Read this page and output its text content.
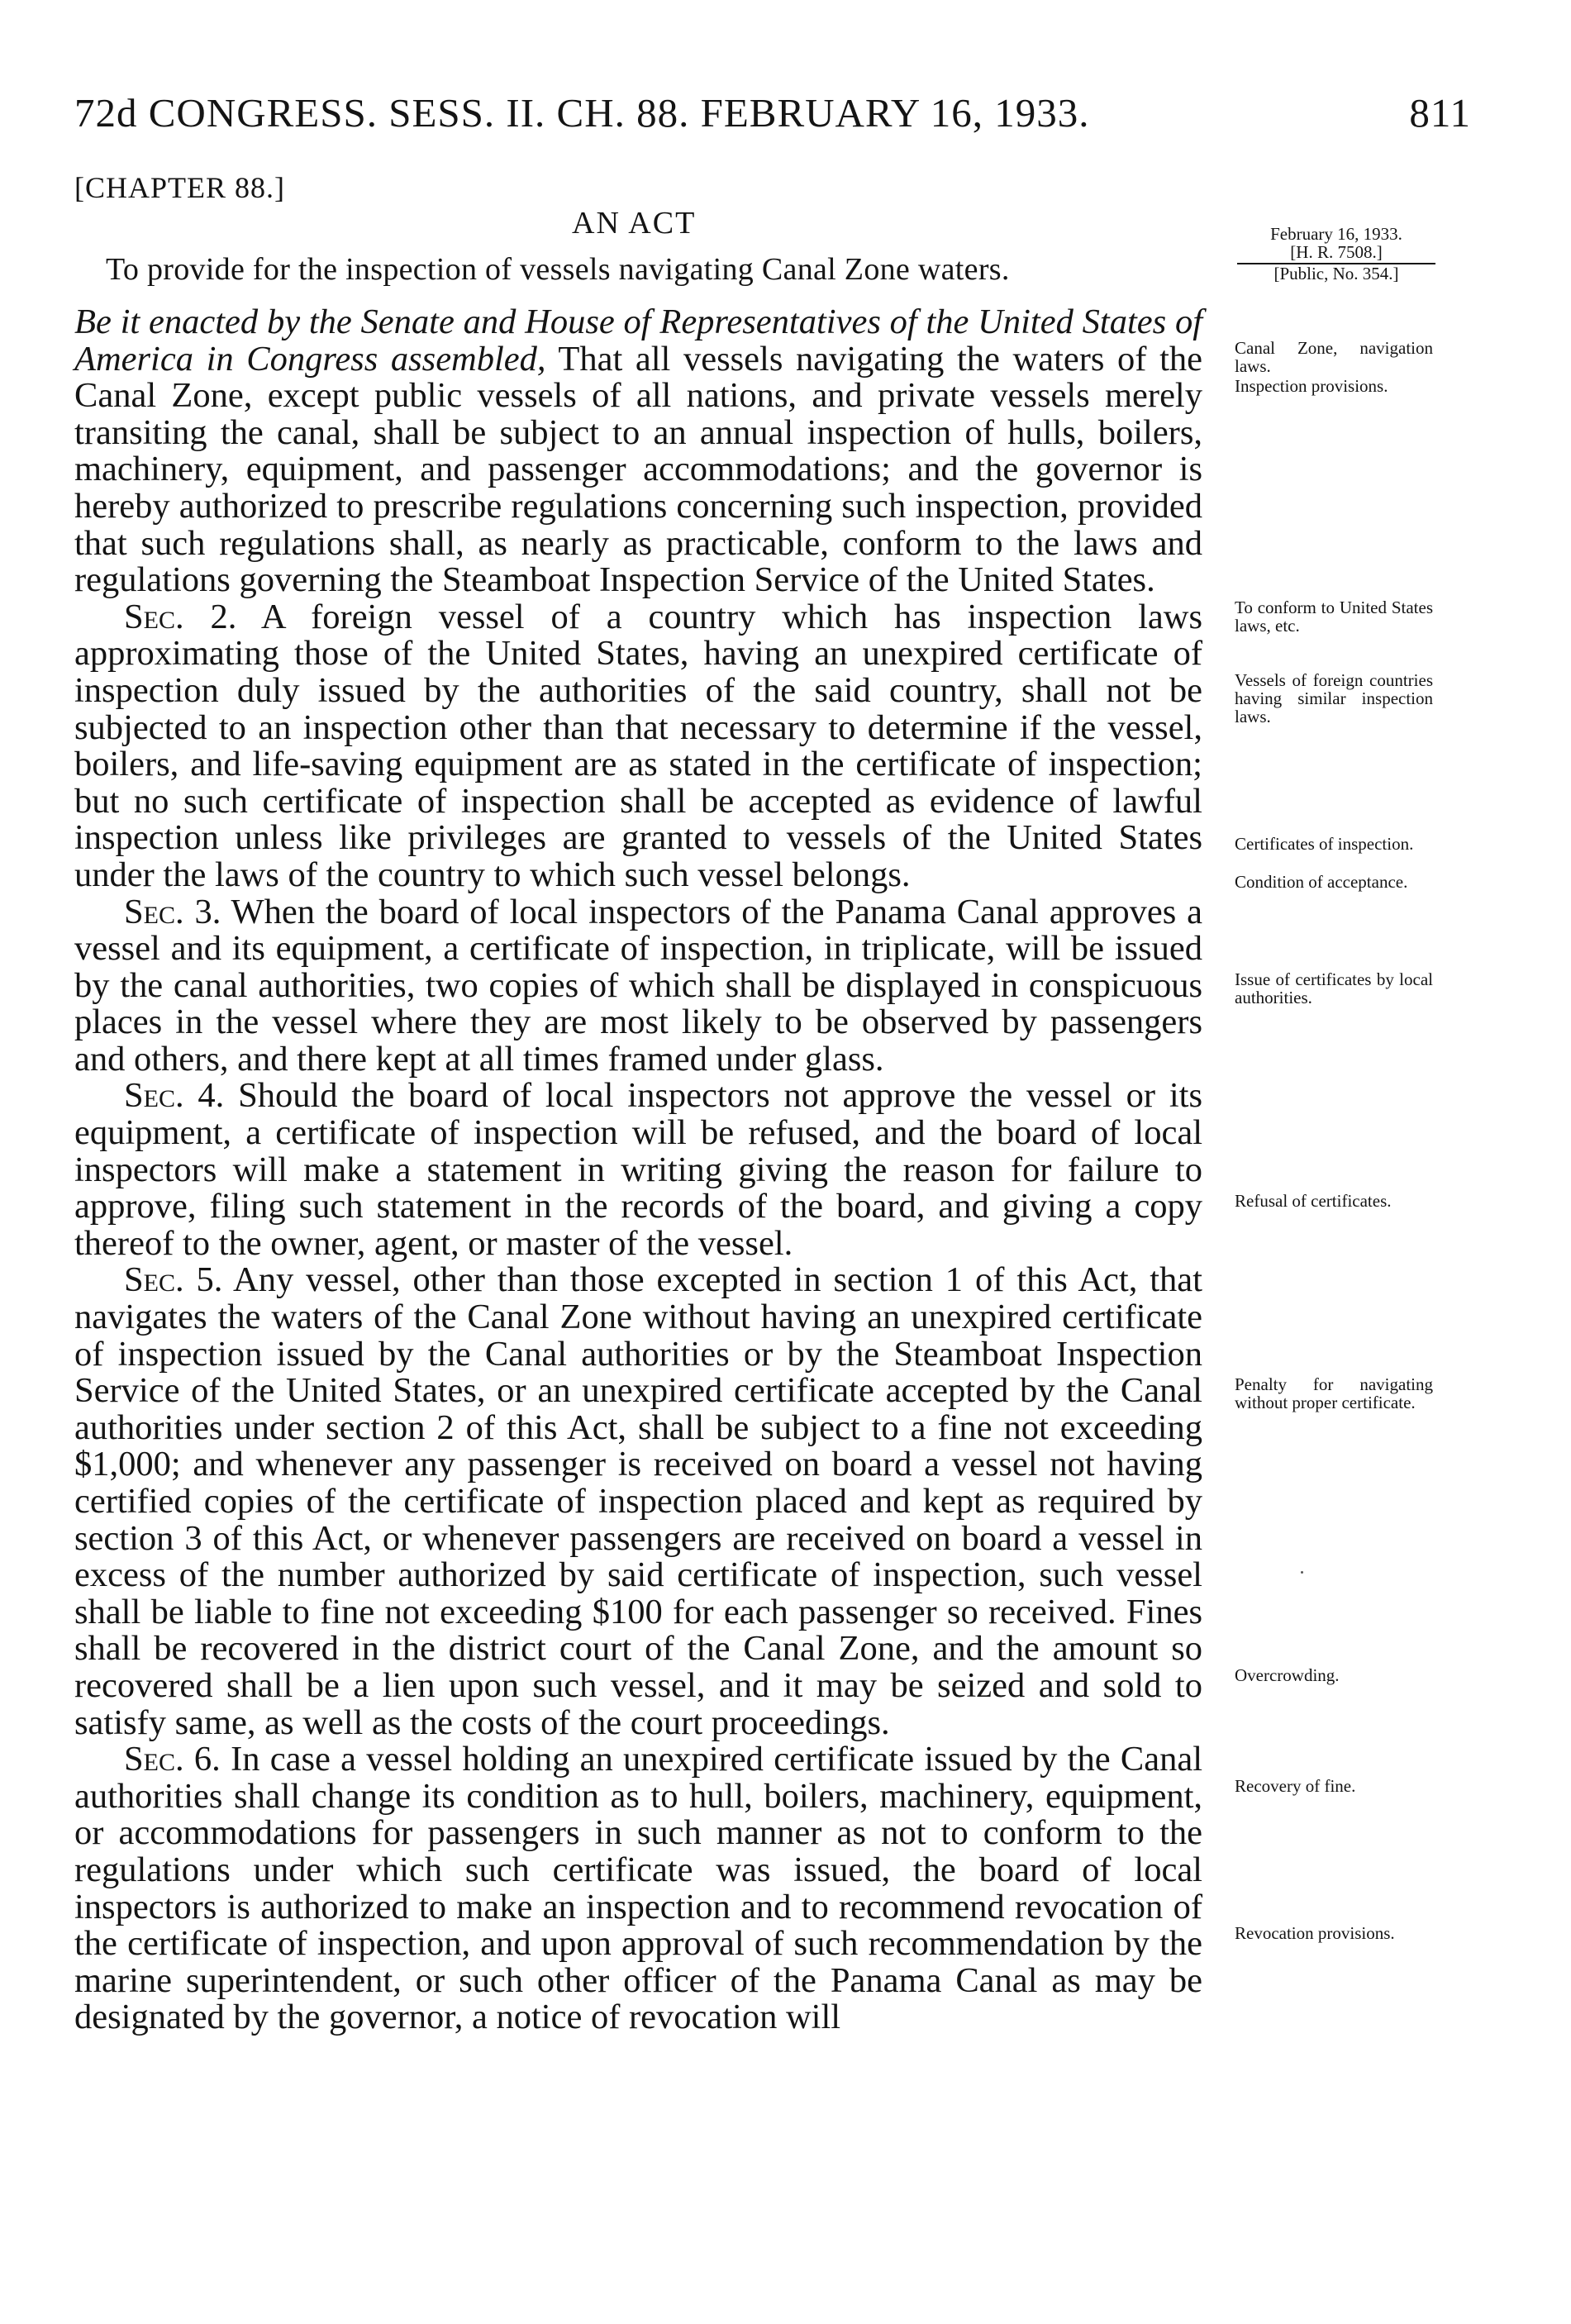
72d CONGRESS. SESS. II. CH. 88. FEBRUARY 16, 1933.	811
[CHAPTER 88.]
AN ACT
To provide for the inspection of vessels navigating Canal Zone waters.
February 16, 1933.
[H. R. 7508.]
[Public, No. 354.]

Be it enacted by the Senate and House of Representatives of the United States of America in Congress assembled, That all vessels navigating the waters of the Canal Zone, except public vessels of all nations, and private vessels merely transiting the canal, shall be subject to an annual inspection of hulls, boilers, machinery, equipment, and passenger accommodations; and the governor is hereby authorized to prescribe regulations concerning such inspection, provided that such regulations shall, as nearly as practicable, conform to the laws and regulations governing the Steamboat Inspection Service of the United States.

Sec. 2. A foreign vessel of a country which has inspection laws approximating those of the United States, having an unexpired certificate of inspection duly issued by the authorities of the said country, shall not be subjected to an inspection other than that necessary to determine if the vessel, boilers, and life-saving equipment are as stated in the certificate of inspection; but no such certificate of inspection shall be accepted as evidence of lawful inspection unless like privileges are granted to vessels of the United States under the laws of the country to which such vessel belongs.

Sec. 3. When the board of local inspectors of the Panama Canal approves a vessel and its equipment, a certificate of inspection, in triplicate, will be issued by the canal authorities, two copies of which shall be displayed in conspicuous places in the vessel where they are most likely to be observed by passengers and others, and there kept at all times framed under glass.

Sec. 4. Should the board of local inspectors not approve the vessel or its equipment, a certificate of inspection will be refused, and the board of local inspectors will make a statement in writing giving the reason for failure to approve, filing such statement in the records of the board, and giving a copy thereof to the owner, agent, or master of the vessel.

Sec. 5. Any vessel, other than those excepted in section 1 of this Act, that navigates the waters of the Canal Zone without having an unexpired certificate of inspection issued by the Canal authorities or by the Steamboat Inspection Service of the United States, or an unexpired certificate accepted by the Canal authorities under section 2 of this Act, shall be subject to a fine not exceeding $1,000; and whenever any passenger is received on board a vessel not having certified copies of the certificate of inspection placed and kept as required by section 3 of this Act, or whenever passengers are received on board a vessel in excess of the number authorized by said certificate of inspection, such vessel shall be liable to fine not exceeding $100 for each passenger so received. Fines shall be recovered in the district court of the Canal Zone, and the amount so recovered shall be a lien upon such vessel, and it may be seized and sold to satisfy same, as well as the costs of the court proceedings.

Sec. 6. In case a vessel holding an unexpired certificate issued by the Canal authorities shall change its condition as to hull, boilers, machinery, equipment, or accommodations for passengers in such manner as not to conform to the regulations under which such certificate was issued, the board of local inspectors is authorized to make an inspection and to recommend revocation of the certificate of inspection, and upon approval of such recommendation by the marine superintendent, or such other officer of the Panama Canal as may be designated by the governor, a notice of revocation will

Canal Zone, navigation laws.
Inspection provisions.
To conform to United States laws, etc.
Vessels of foreign countries having similar inspection laws.
Certificates of inspection.
Condition of acceptance.
Issue of certificates by local authorities.
Refusal of certificates.
Penalty for navigating without proper certificate.
Overcrowding.
Recovery of fine.
Revocation provisions.
